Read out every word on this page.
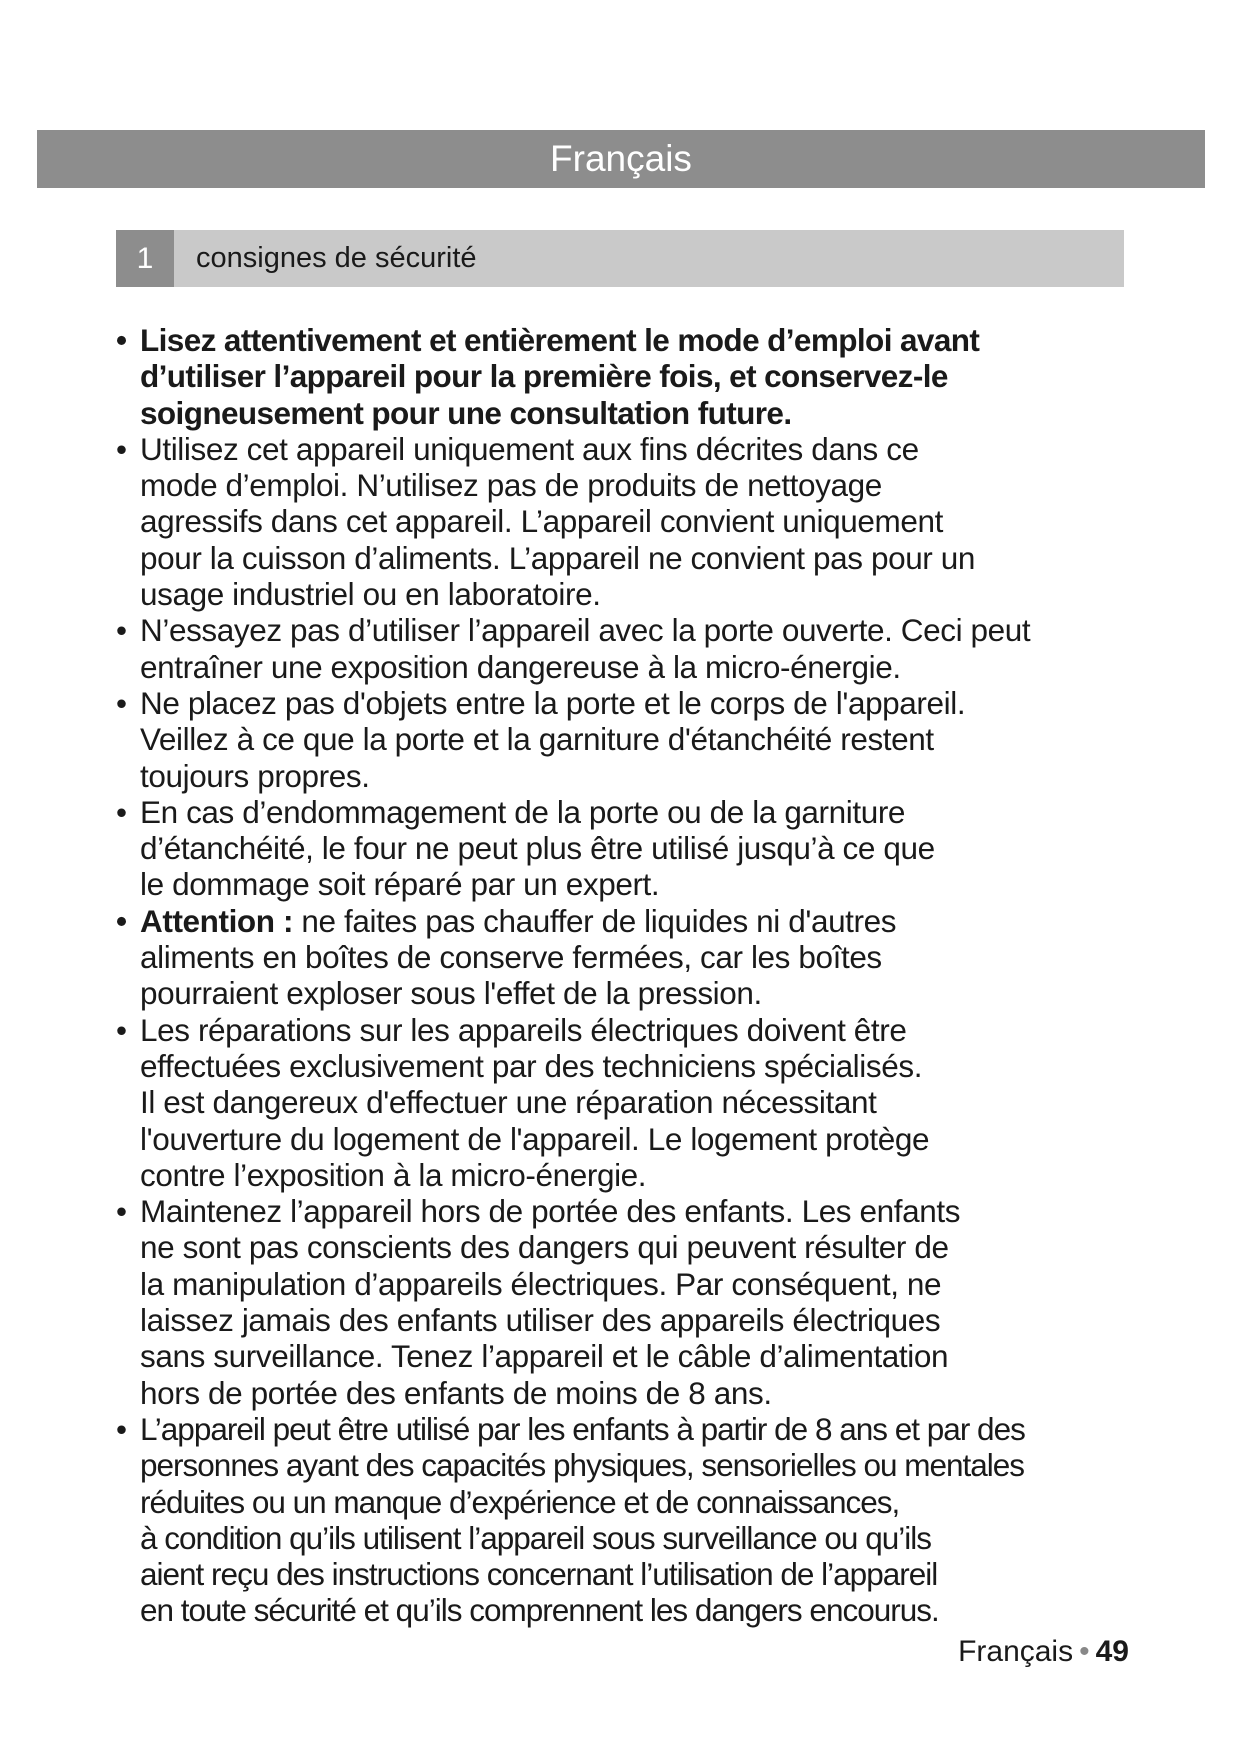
Français
1	consignes de sécurité
• Lisez attentivement et entièrement le mode d’emploi avant
d’utiliser l’appareil pour la première fois, et conservez-le
soigneusement pour une consultation future.
• Utilisez cet appareil uniquement aux fins décrites dans ce
mode d’emploi. N’utilisez pas de produits de nettoyage
agressifs dans cet appareil. L’appareil convient uniquement
pour la cuisson d’aliments. L’appareil ne convient pas pour un
usage industriel ou en laboratoire.
• N’essayez pas d’utiliser l’appareil avec la porte ouverte. Ceci peut
entraîner une exposition dangereuse à la micro-énergie.
• Ne placez pas d'objets entre la porte et le corps de l'appareil.
Veillez à ce que la porte et la garniture d'étanchéité restent
toujours propres.
• En cas d’endommagement de la porte ou de la garniture
d’étanchéité, le four ne peut plus être utilisé jusqu’à ce que
le dommage soit réparé par un expert.
• Attention : ne faites pas chauffer de liquides ni d'autres
aliments en boîtes de conserve fermées, car les boîtes
pourraient exploser sous l'effet de la pression.
• Les réparations sur les appareils électriques doivent être
effectuées exclusivement par des techniciens spécialisés.
Il est dangereux d'effectuer une réparation nécessitant
l'ouverture du logement de l'appareil. Le logement protège
contre l’exposition à la micro-énergie.
• Maintenez l’appareil hors de portée des enfants. Les enfants
ne sont pas conscients des dangers qui peuvent résulter de
la manipulation d’appareils électriques. Par conséquent, ne
laissez jamais des enfants utiliser des appareils électriques
sans surveillance. Tenez l’appareil et le câble d’alimentation
hors de portée des enfants de moins de 8 ans.
• L’appareil peut être utilisé par les enfants à partir de 8 ans et par des
personnes ayant des capacités physiques, sensorielles ou mentales
réduites ou un manque d’expérience et de connaissances,
à condition qu’ils utilisent l’appareil sous surveillance ou qu’ils
aient reçu des instructions concernant l’utilisation de l’appareil
en toute sécurité et qu’ils comprennent les dangers encourus.
Français • 49
